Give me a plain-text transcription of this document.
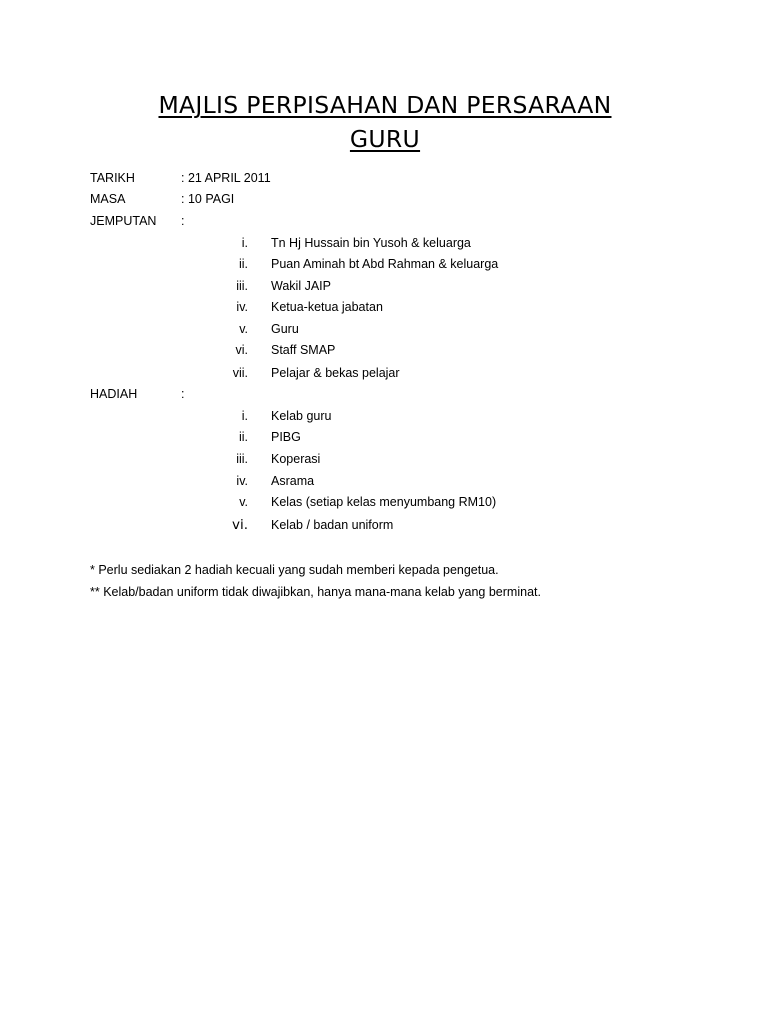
MAJLIS PERPISAHAN DAN PERSARAAN
GURU
TARIKH	: 21 APRIL 2011
MASA	: 10 PAGI
JEMPUTAN :
i. Tn Hj Hussain bin Yusoh & keluarga
ii. Puan Aminah bt Abd Rahman & keluarga
iii. Wakil JAIP
iv. Ketua-ketua jabatan
v. Guru
vi. Staff SMAP
vii. Pelajar & bekas pelajar
HADIAH	:
i. Kelab guru
ii. PIBG
iii. Koperasi
iv. Asrama
v. Kelas (setiap kelas menyumbang RM10)
vi. Kelab / badan uniform
* Perlu sediakan 2 hadiah kecuali yang sudah memberi kepada pengetua.
** Kelab/badan uniform tidak diwajibkan, hanya mana-mana kelab yang berminat.
